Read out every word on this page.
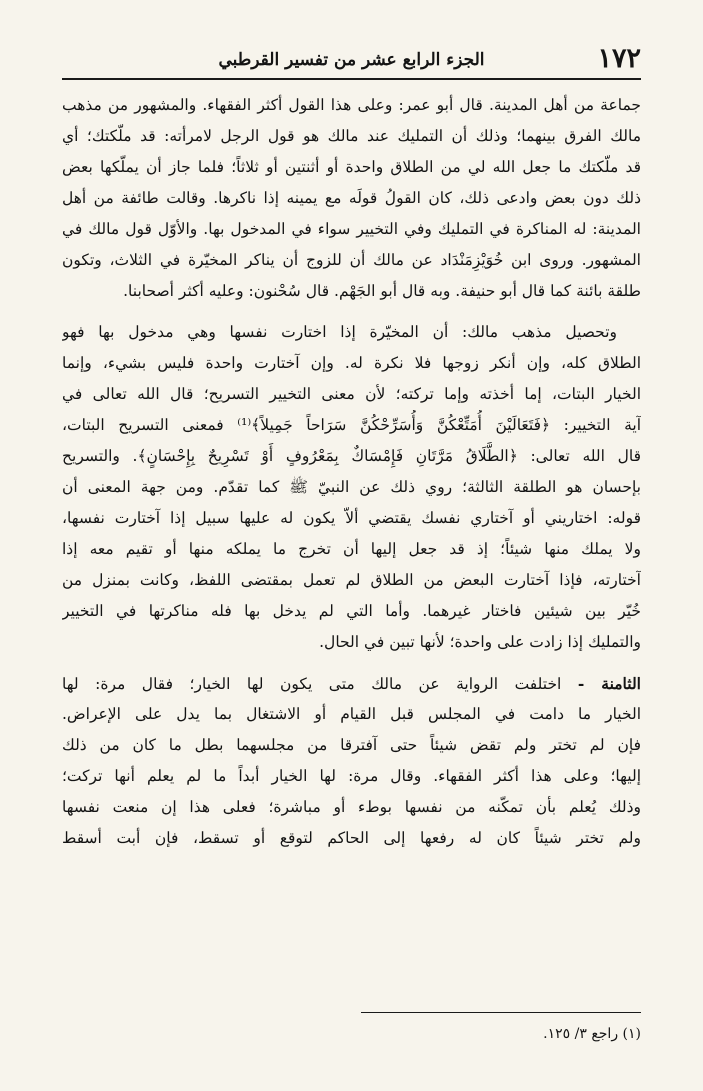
١٧٢
الجزء الرابع عشر من تفسير القرطبي
جماعة من أهل المدينة. قال أبو عمر: وعلى هذا القول أكثر الفقهاء. والمشهور من مذهب
مالك الفرق بينهما؛ وذلك أن التمليك عند مالك هو قول الرجل لامرأته: قد ملّكتك؛ أي
قد ملّكتك ما جعل الله لي من الطلاق واحدة أو أثنتين أو ثلاثاً؛ فلما جاز أن يملّكها بعض
ذلك دون بعض وادعى ذلك، كان القولُ قولَه مع يمينه إذا ناكرها. وقالت طائفة من أهل
المدينة: له المناكرة في التمليك وفي التخيير سواء في المدخول بها. والأوّل قول مالك في
المشهور. وروى ابن خُوَيْزِمَنْدَاد عن مالك أن للزوج أن يناكر المخيّرة في الثلاث، وتكون
طلقة بائنة كما قال أبو حنيفة. وبه قال أبو الجَهْم. قال سُحْنون: وعليه أكثر أصحابنا.
وتحصيل مذهب مالك: أن المخيّرة إذا اختارت نفسها وهي مدخول بها فهو
الطلاق كله، وإن أنكر زوجها فلا نكرة له. وإن آختارت واحدة فليس بشيء، وإنما
الخيار البتات، إما أخذته وإما تركته؛ لأن معنى التخيير التسريح؛ قال الله تعالى في
آية التخيير: ﴿فَتَعَالَيْنَ أُمَتِّعْكُنَّ وَأُسَرِّحْكُنَّ سَرَاحاً جَمِيلاً﴾⁽¹⁾ فمعنى التسريح البتات،
قال الله تعالى: ﴿الطَّلَاقُ مَرَّتَانِ فَإِمْسَاكٌ بِمَعْرُوفٍ أَوْ تَسْرِيحٌ بِإِحْسَانٍ﴾. والتسريح
بإحسان هو الطلقة الثالثة؛ روي ذلك عن النبيّ ﷺ كما تقدّم. ومن جهة المعنى أن
قوله: اختاريني أو آختاري نفسك يقتضي ألاّ يكون له عليها سبيل إذا آختارت نفسها،
ولا يملك منها شيئاً؛ إذ قد جعل إليها أن تخرج ما يملكه منها أو تقيم معه إذا
آختارته، فإذا آختارت البعض من الطلاق لم تعمل بمقتضى اللفظ، وكانت بمنزل من
خُيّر بين شيئين فاختار غيرهما. وأما التي لم يدخل بها فله مناكرتها في التخيير
والتمليك إذا زادت على واحدة؛ لأنها تبين في الحال.
الثامنة - اختلفت الرواية عن مالك متى يكون لها الخيار؛ فقال مرة: لها
الخيار ما دامت في المجلس قبل القيام أو الاشتغال بما يدل على الإعراض.
فإن لم تختر ولم تقض شيئاً حتى آفترقا من مجلسهما بطل ما كان من ذلك
إليها؛ وعلى هذا أكثر الفقهاء. وقال مرة: لها الخيار أبداً ما لم يعلم أنها تركت؛
وذلك يُعلم بأن تمكّنه من نفسها بوطء أو مباشرة؛ فعلى هذا إن منعت نفسها
ولم تختر شيئاً كان له رفعها إلى الحاكم لتوقع أو تسقط، فإن أبت أسقط
(١) راجع ٣/ ١٢٥.
